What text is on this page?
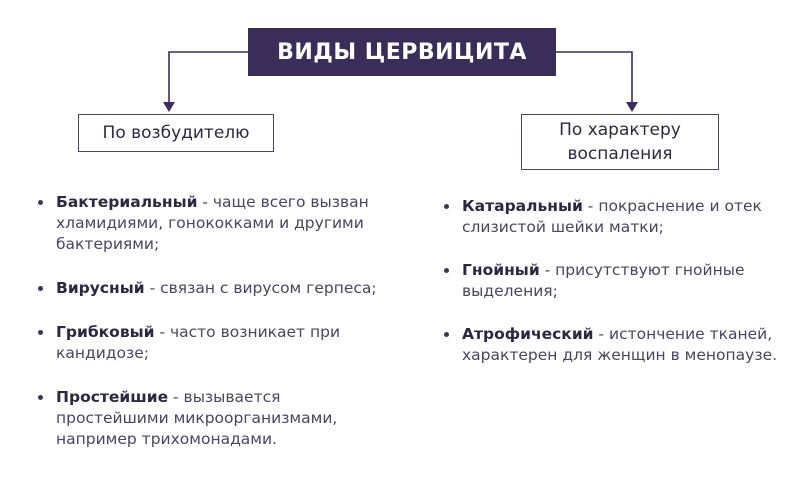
ВИДЫ ЦЕРВИЦИТА
По возбудителю	По характеру воспаления
Бактериальный - чаще всего вызван хламидиями, гонококками и другими бактериями;
Вирусный - связан с вирусом герпеса;
Грибковый - часто возникает при кандидозе;
Простейшие - вызывается простейшими микроорганизмами, например трихомонадами.
Катаральный - покраснение и отек слизистой шейки матки;
Гнойный - присутствуют гнойные выделения;
Атрофический - истончение тканей, характерен для женщин в менопаузе.
